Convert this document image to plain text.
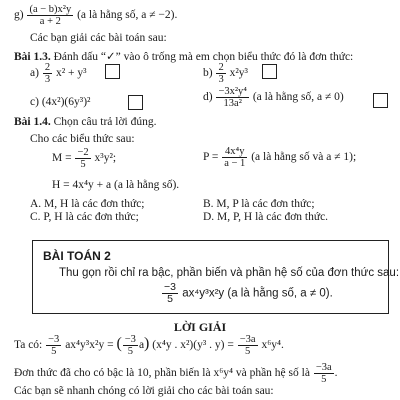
$g) \frac{\text{(a − b)x²y}}{a + 2} (a$ là hằng số, a ≠ −2).
Các bạn giải các bài toán sau:
Bài 1.3. Đánh dấu “✓” vào ô trống mà em chọn biểu thức đó là đơn thức:
$a) \frac{2}{3} x^2 + y^3$	$b) \frac{2}{3} x^2y^3$
c) (4x²)(6y³)²	$d) \frac{\text{−3x²y⁴}}{\text{13a²}} (a$ là hằng số, a ≠ 0)
Bài 1.4. Chọn câu trả lời đúng.
Cho các biểu thức sau:
$M = \frac{-2}{5} x^3y^2$;	$P = \frac{\text{4x⁴y}}{a - 1} (a$ là hằng số và a ≠ 1);
H = 4x⁴y + a (a là hằng số).
A. M, H là các đơn thức;	B. M, P là các đơn thức;
C. P, H là các đơn thức;	D. M, P, H là các đơn thức.
BÀI TOÁN 2
Thu gọn rồi chỉ ra bậc, phần biến và phần hệ số của đơn thức sau:
$\frac{-3}{5} ax^4y^3x^2y$ (a là hằng số, a ≠ 0).
LỜI GIẢI
Ta có: $\frac{-3}{5} ax^4y^3x^2y$ = ( $\frac{-3}{5} a$) (x⁴y . x²)(y³ . $y) = \frac{-3a}{5} x^6y^4$.
Đơn thức đã cho có bậc là 10, phần biến là x⁶y⁴ và phần hệ số là $\frac{-3a}{5}$ .
Các bạn sẽ nhanh chóng có lời giải cho các bài toán sau:
